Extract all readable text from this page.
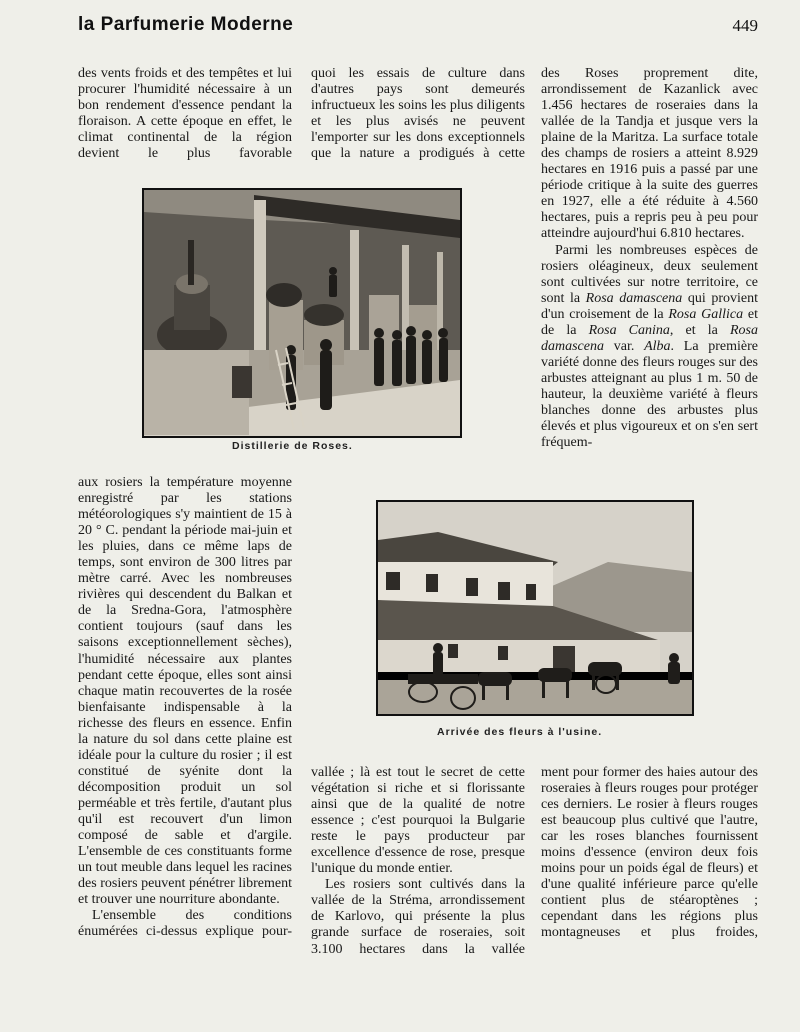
la Parfumerie Moderne	449

des vents froids et des tempêtes et lui procurer l'humidité nécessaire à un bon rendement d'essence pendant la floraison. A cette époque en effet, le climat continental de la région devient le plus favorable

quoi les essais de culture dans d'autres pays sont demeurés infructueux les soins les plus diligents et les plus avisés ne peuvent l'emporter sur les dons exceptionnels que la nature a prodigués à cette

des Roses proprement dite, arrondissement de Kazanlick avec 1.456 hectares de roseraies dans la vallée de la Tandja et jusque vers la plaine de la Maritza. La surface totale des champs de rosiers a atteint 8.929 hectares en 1916 puis a passé par une période critique à la suite des guerres en 1927, elle a été réduite à 4.560 hectares, puis a repris peu à peu pour atteindre aujourd'hui 6.810 hectares.

Parmi les nombreuses espèces de rosiers oléagineux, deux seulement sont cultivées sur notre territoire, ce sont la Rosa damascena qui provient d'un croisement de la Rosa Gallica et de la Rosa Canina, et la Rosa damascena var. Alba. La première variété donne des fleurs rouges sur des arbustes atteignant au plus 1 m. 50 de hauteur, la deuxième variété à fleurs blanches donne des arbustes plus élevés et plus vigoureux et on s'en sert fréquem-

Distillerie de Roses.

aux rosiers la température moyenne enregistré par les stations météorologiques s'y maintient de 15 à 20 ° C. pendant la période mai-juin et les pluies, dans ce même laps de temps, sont environ de 300 litres par mètre carré. Avec les nombreuses rivières qui descendent du Balkan et de la Sredna-Gora, l'atmosphère contient toujours (sauf dans les saisons exceptionnellement sèches), l'humidité nécessaire aux plantes pendant cette époque, elles sont ainsi chaque matin recouvertes de la rosée bienfaisante indispensable à la richesse des fleurs en essence. Enfin la nature du sol dans cette plaine est idéale pour la culture du rosier ; il est constitué de syénite dont la décomposition produit un sol perméable et très fertile, d'autant plus qu'il est recouvert d'un limon composé de sable et d'argile. L'ensemble de ces constituants forme un tout meuble dans lequel les racines des rosiers peuvent pénétrer librement et trouver une nourriture abondante.

L'ensemble des conditions énumérées ci-dessus explique pour-

Arrivée des fleurs à l'usine.

vallée ; là est tout le secret de cette végétation si riche et si florissante ainsi que de la qualité de notre essence ; c'est pourquoi la Bulgarie reste le pays producteur par excellence d'essence de rose, presque l'unique du monde entier.

Les rosiers sont cultivés dans la vallée de la Stréma, arrondissement de Karlovo, qui présente la plus grande surface de roseraies, soit 3.100 hectares dans la vallée

ment pour former des haies autour des roseraies à fleurs rouges pour protéger ces derniers. Le rosier à fleurs rouges est beaucoup plus cultivé que l'autre, car les roses blanches fournissent moins d'essence (environ deux fois moins pour un poids égal de fleurs) et d'une qualité inférieure parce qu'elle contient plus de stéaroptènes ; cependant dans les régions plus montagneuses et plus froides,
